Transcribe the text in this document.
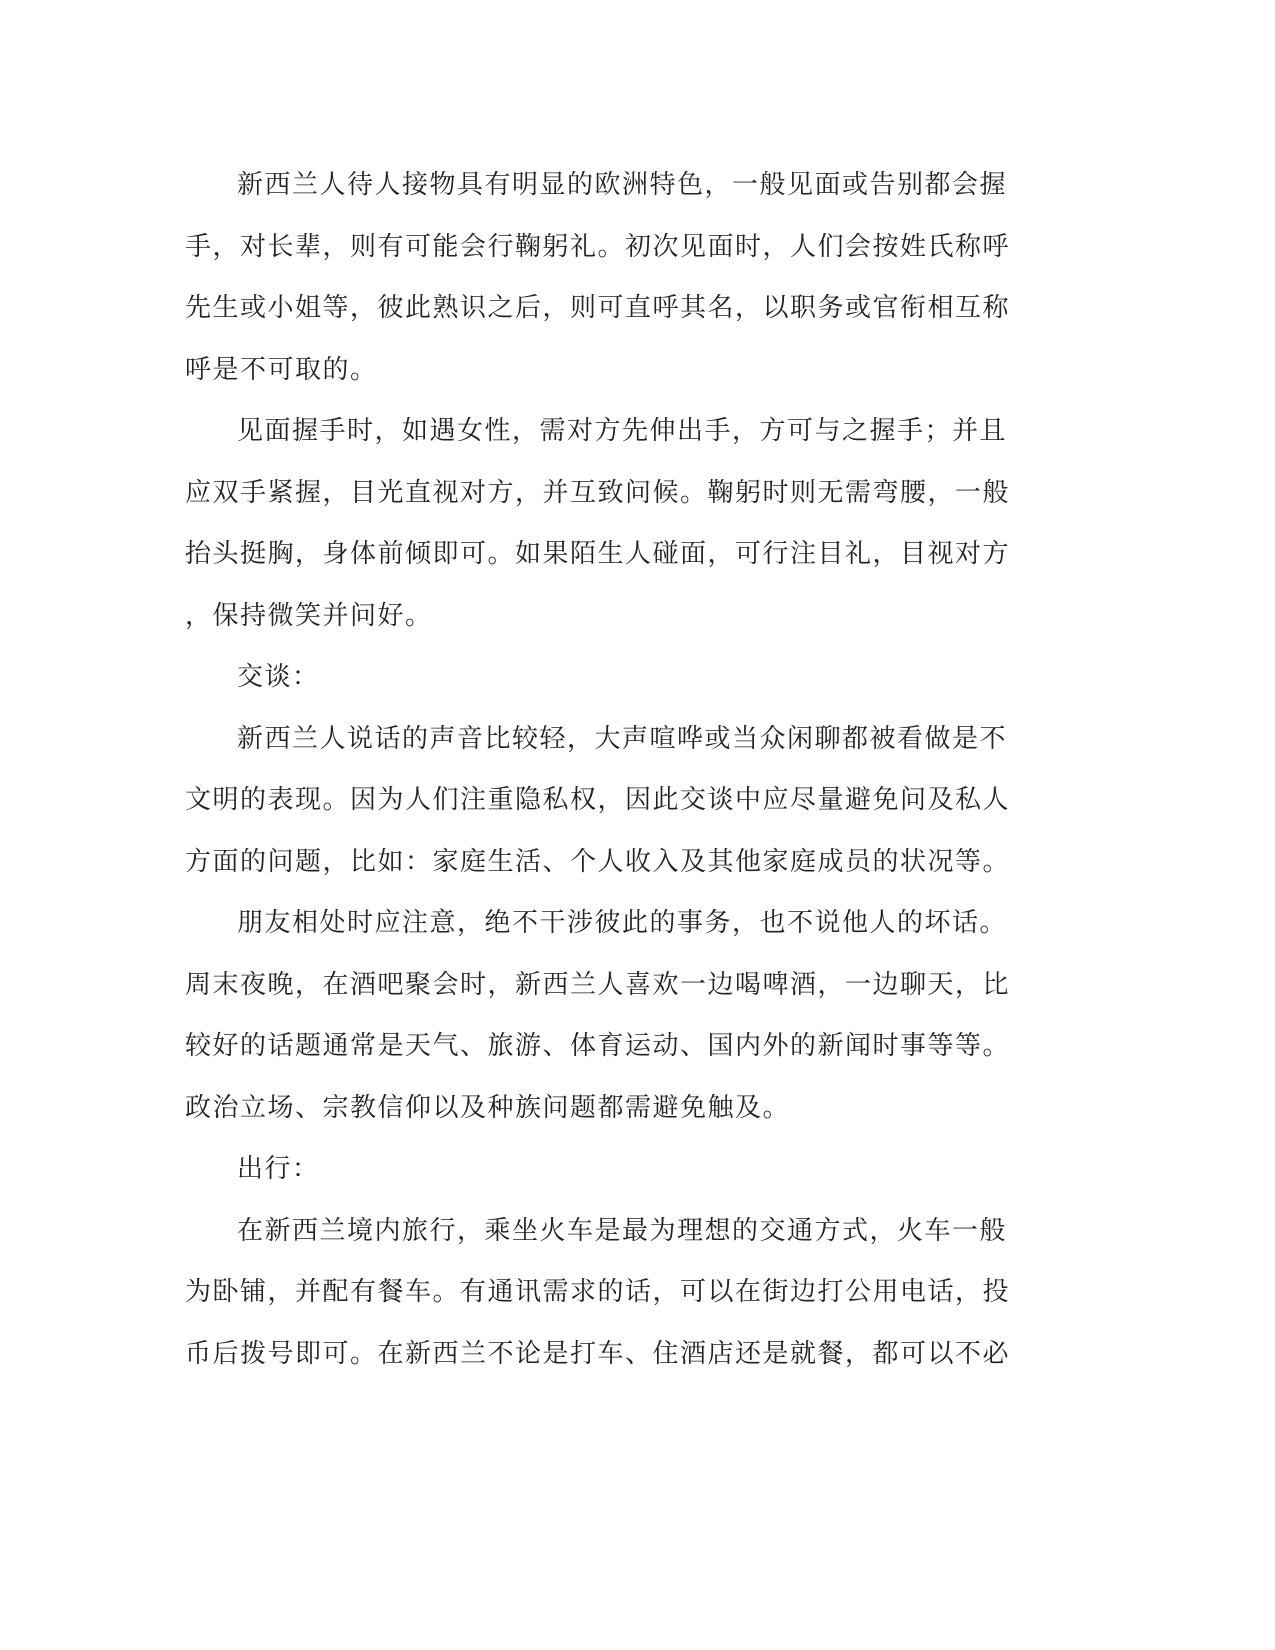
新西兰人待人接物具有明显的欧洲特色，一般见面或告别都会握
手，对长辈，则有可能会行鞠躬礼。初次见面时，人们会按姓氏称呼
先生或小姐等，彼此熟识之后，则可直呼其名，以职务或官衔相互称
呼是不可取的。

见面握手时，如遇女性，需对方先伸出手，方可与之握手；并且
应双手紧握，目光直视对方，并互致问候。鞠躬时则无需弯腰，一般
抬头挺胸，身体前倾即可。如果陌生人碰面，可行注目礼，目视对方
，保持微笑并问好。

交谈：

新西兰人说话的声音比较轻，大声喧哗或当众闲聊都被看做是不
文明的表现。因为人们注重隐私权，因此交谈中应尽量避免问及私人
方面的问题，比如：家庭生活、个人收入及其他家庭成员的状况等。

朋友相处时应注意，绝不干涉彼此的事务，也不说他人的坏话。
周末夜晚，在酒吧聚会时，新西兰人喜欢一边喝啤酒，一边聊天，比
较好的话题通常是天气、旅游、体育运动、国内外的新闻时事等等。
政治立场、宗教信仰以及种族问题都需避免触及。

出行：

在新西兰境内旅行，乘坐火车是最为理想的交通方式，火车一般
为卧铺，并配有餐车。有通讯需求的话，可以在街边打公用电话，投
币后拨号即可。在新西兰不论是打车、住酒店还是就餐，都可以不必
